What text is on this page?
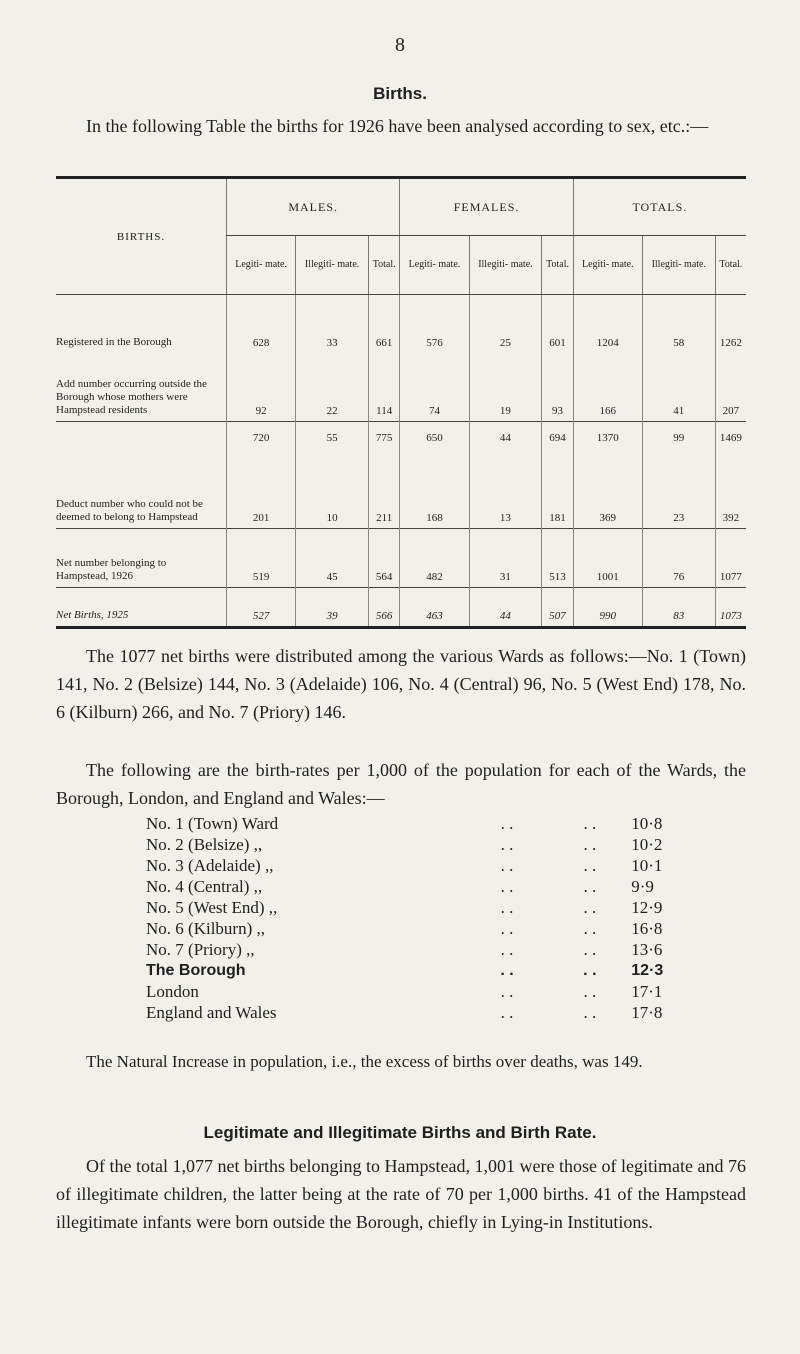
8
Births.

In the following Table the births for 1926 have been analysed according to sex, etc.:—

BIRTHS.	MALES.			FEMALES.			TOTALS.		
	Legiti- mate.	Illegiti- mate.	Total.	Legiti- mate.	Illegiti- mate.	Total.	Legiti- mate.	Illegiti- mate.	Total.
Registered in the Borough	628	33	661	576	25	601	1204	58	1262
Add number occurring outside the Borough whose mothers were Hampstead residents	92	22	114	74	19	93	166	41	207
	720	55	775	650	44	694	1370	99	1469
Deduct number who could not be deemed to belong to Hampstead	201	10	211	168	13	181	369	23	392
Net number belonging to Hampstead, 1926	519	45	564	482	31	513	1001	76	1077
Net Births, 1925	527	39	566	463	44	507	990	83	1073

The 1077 net births were distributed among the various Wards as follows:—No. 1 (Town) 141, No. 2 (Belsize) 144, No. 3 (Adelaide) 106, No. 4 (Central) 96, No. 5 (West End) 178, No. 6 (Kilburn) 266, and No. 7 (Priory) 146.

The following are the birth-rates per 1,000 of the population for each of the Wards, the Borough, London, and England and Wales:—

No. 1 (Town) Ward	. .	. .	10·8
No. 2 (Belsize) ,,	. .	. .	10·2
No. 3 (Adelaide) ,,	. .	. .	10·1
No. 4 (Central) ,,	. .	. .	9·9
No. 5 (West End) ,,	. .	. .	12·9
No. 6 (Kilburn) ,,	. .	. .	16·8
No. 7 (Priory) ,,	. .	. .	13·6
The Borough	. .	. .	12·3
London	. .	. .	17·1
England and Wales	. .	. .	17·8

The Natural Increase in population, i.e., the excess of births over deaths, was 149.

Legitimate and Illegitimate Births and Birth Rate.

Of the total 1,077 net births belonging to Hampstead, 1,001 were those of legitimate and 76 of illegitimate children, the latter being at the rate of 70 per 1,000 births. 41 of the Hampstead illegitimate infants were born outside the Borough, chiefly in Lying-in Institutions.
